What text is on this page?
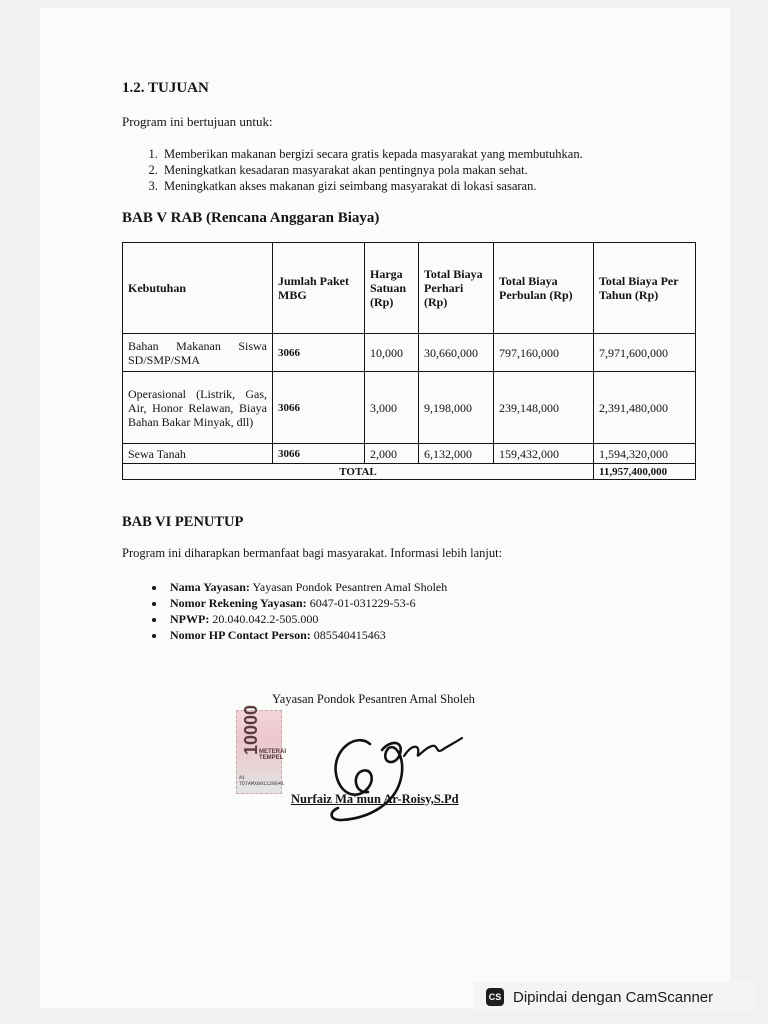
1.2. TUJUAN
Program ini bertujuan untuk:
1. Memberikan makanan bergizi secara gratis kepada masyarakat yang membutuhkan.
2. Meningkatkan kesadaran masyarakat akan pentingnya pola makan sehat.
3. Meningkatkan akses makanan gizi seimbang masyarakat di lokasi sasaran.
BAB V RAB (Rencana Anggaran Biaya)
Kebutuhan	Jumlah Paket MBG	Harga Satuan (Rp)	Total Biaya Perhari (Rp)	Total Biaya Perbulan (Rp)	Total Biaya Per Tahun (Rp)
Bahan Makanan Siswa SD/SMP/SMA	3066	10,000	30,660,000	797,160,000	7,971,600,000
Operasional (Listrik, Gas, Air, Honor Relawan, Biaya Bahan Bakar Minyak, dll)	3066	3,000	9,198,000	239,148,000	2,391,480,000
Sewa Tanah	3066	2,000	6,132,000	159,432,000	1,594,320,000
TOTAL					11,957,400,000
BAB VI PENUTUP
Program ini diharapkan bermanfaat bagi masyarakat. Informasi lebih lanjut:
• Nama Yayasan: Yayasan Pondok Pesantren Amal Sholeh
• Nomor Rekening Yayasan: 6047-01-031229-53-6
• NPWP: 20.040.042.2-505.000
• Nomor HP Contact Person: 085540415463
Yayasan Pondok Pesantren Amal Sholeh
10000
METERAI TEMPEL
A1 7D7AMX091120641
Nurfaiz Ma'mun Ar-Roisy,S.Pd
CS Dipindai dengan CamScanner
